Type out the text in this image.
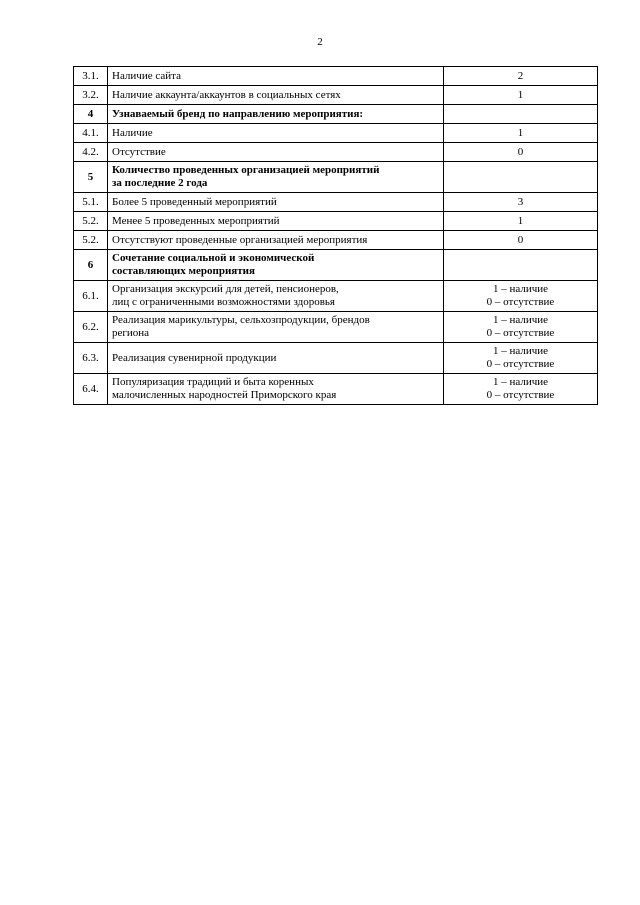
2
3.1.	Наличие сайта	2
3.2.	Наличие аккаунта/аккаунтов в социальных сетях	1
4	Узнаваемый бренд по направлению мероприятия:	
4.1.	Наличие	1
4.2.	Отсутствие	0
5	Количество проведенных организацией мероприятий
за последние 2 года	

5.1.	Более 5 проведенный мероприятий	3
5.2.	Менее 5 проведенных мероприятий	1
5.2.	Отсутствуют проведенные организацией мероприятия	0
6	Сочетание социальной и экономической
составляющих мероприятия	

6.1.	Организация экскурсий для детей, пенсионеров,
лиц с ограниченными возможностями здоровья	1 – наличие
0 – отсутствие

6.2.	Реализация марикультуры, сельхозпродукции, брендов
региона	1 – наличие
0 – отсутствие

6.3.	Реализация сувенирной продукции	1 – наличие
0 – отсутствие

6.4.	Популяризация традиций и быта коренных
малочисленных народностей Приморского края	1 – наличие
0 – отсутствие
